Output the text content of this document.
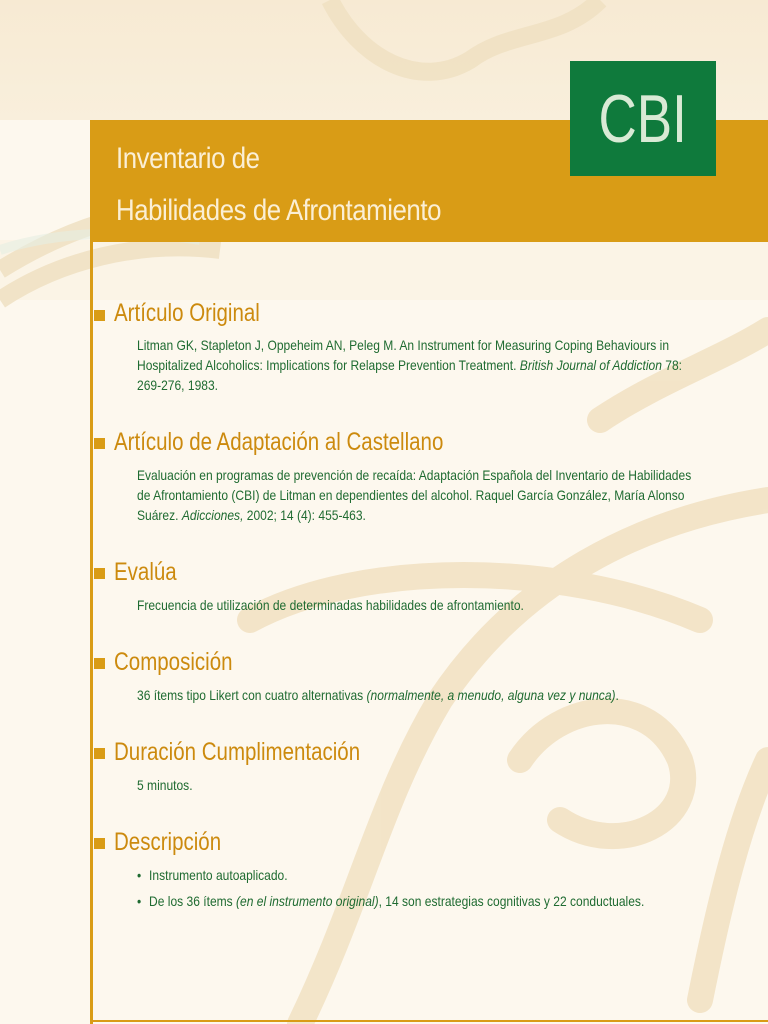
Inventario de
Habilidades de Afrontamiento
CBI
Artículo Original

Litman GK, Stapleton J, Oppeheim AN, Peleg M. An Instrument for Measuring Coping Behaviours in Hospitalized Alcoholics: Implications for Relapse Prevention Treatment. British Journal of Addiction 78: 269-276, 1983.

Artículo de Adaptación al Castellano

Evaluación en programas de prevención de recaída: Adaptación Española del Inventario de Habilidades de Afrontamiento (CBI) de Litman en dependientes del alcohol. Raquel García González, María Alonso Suárez. Adicciones, 2002; 14 (4): 455-463.

Evalúa

Frecuencia de utilización de determinadas habilidades de afrontamiento.

Composición

36 ítems tipo Likert con cuatro alternativas (normalmente, a menudo, alguna vez y nunca).

Duración Cumplimentación

5 minutos.

Descripción
• Instrumento autoaplicado.
• De los 36 ítems (en el instrumento original), 14 son estrategias cognitivas y 22 conductuales.
